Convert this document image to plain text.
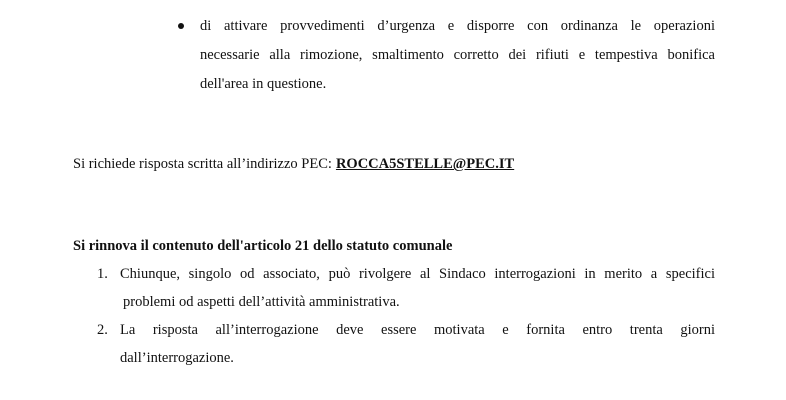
di attivare provvedimenti d’urgenza e disporre con ordinanza le operazioni
necessarie alla rimozione, smaltimento corretto dei rifiuti e tempestiva bonifica
dell'area in questione.
Si richiede risposta scritta all’indirizzo PEC: ROCCA5STELLE@PEC.IT
Si rinnova il contenuto dell'articolo 21 dello statuto comunale
1. Chiunque, singolo od associato, può rivolgere al Sindaco interrogazioni in merito a specifici
problemi od aspetti dell’attività amministrativa.
2. La risposta all’interrogazione deve essere motivata e fornita entro trenta giorni
dall’interrogazione.
